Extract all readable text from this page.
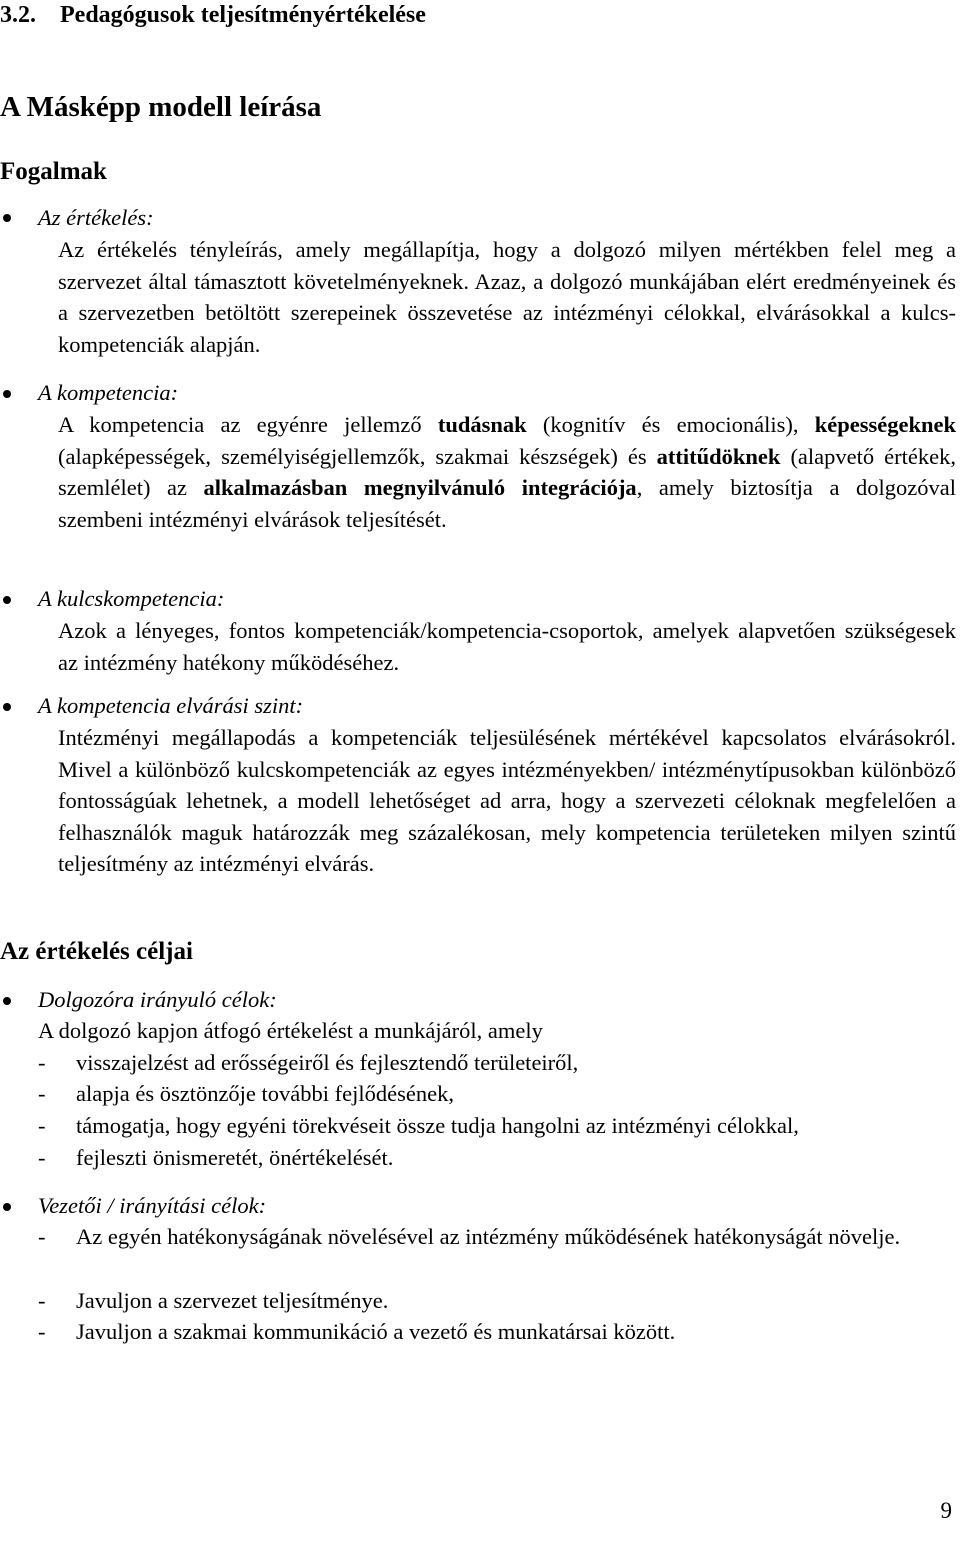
3.2. Pedagógusok teljesítményértékelése
A Másképp modell leírása
Fogalmak
Az értékelés:
Az értékelés tényleírás, amely megállapítja, hogy a dolgozó milyen mértékben felel meg a szervezet által támasztott követelményeknek. Azaz, a dolgozó munkájában elért eredményeinek és a szervezetben betöltött szerepeinek összevetése az intézményi célokkal, elvárásokkal a kulcs-kompetenciák alapján.
A kompetencia:
A kompetencia az egyénre jellemző tudásnak (kognitív és emocionális), képességeknek (alapképességek, személyiségjellemzők, szakmai készségek) és attitűdöknek (alapvető értékek, szemlélet) az alkalmazásban megnyilvánuló integrációja, amely biztosítja a dolgozóval szembeni intézményi elvárások teljesítését.
A kulcskompetencia:
Azok a lényeges, fontos kompetenciák/kompetencia-csoportok, amelyek alapvetően szükségesek az intézmény hatékony működéséhez.
A kompetencia elvárási szint:
Intézményi megállapodás a kompetenciák teljesülésének mértékével kapcsolatos elvárásokról. Mivel a különböző kulcskompetenciák az egyes intézményekben/ intézménytípusokban különböző fontosságúak lehetnek, a modell lehetőséget ad arra, hogy a szervezeti céloknak megfelelően a felhasználók maguk határozzák meg százalékosan, mely kompetencia területeken milyen szintű teljesítmény az intézményi elvárás.
Az értékelés céljai
Dolgozóra irányuló célok:
A dolgozó kapjon átfogó értékelést a munkájáról, amely
- visszajelzést ad erősségeiről és fejlesztendő területeiről,
- alapja és ösztönzője további fejlődésének,
- támogatja, hogy egyéni törekvéseit össze tudja hangolni az intézményi célokkal,
- fejleszti önismeretét, önértékelését.
Vezetői / irányítási célok:
- Az egyén hatékonyságának növelésével az intézmény működésének hatékonyságát növelje.
- Javuljon a szervezet teljesítménye.
- Javuljon a szakmai kommunikáció a vezető és munkatársai között.
9
